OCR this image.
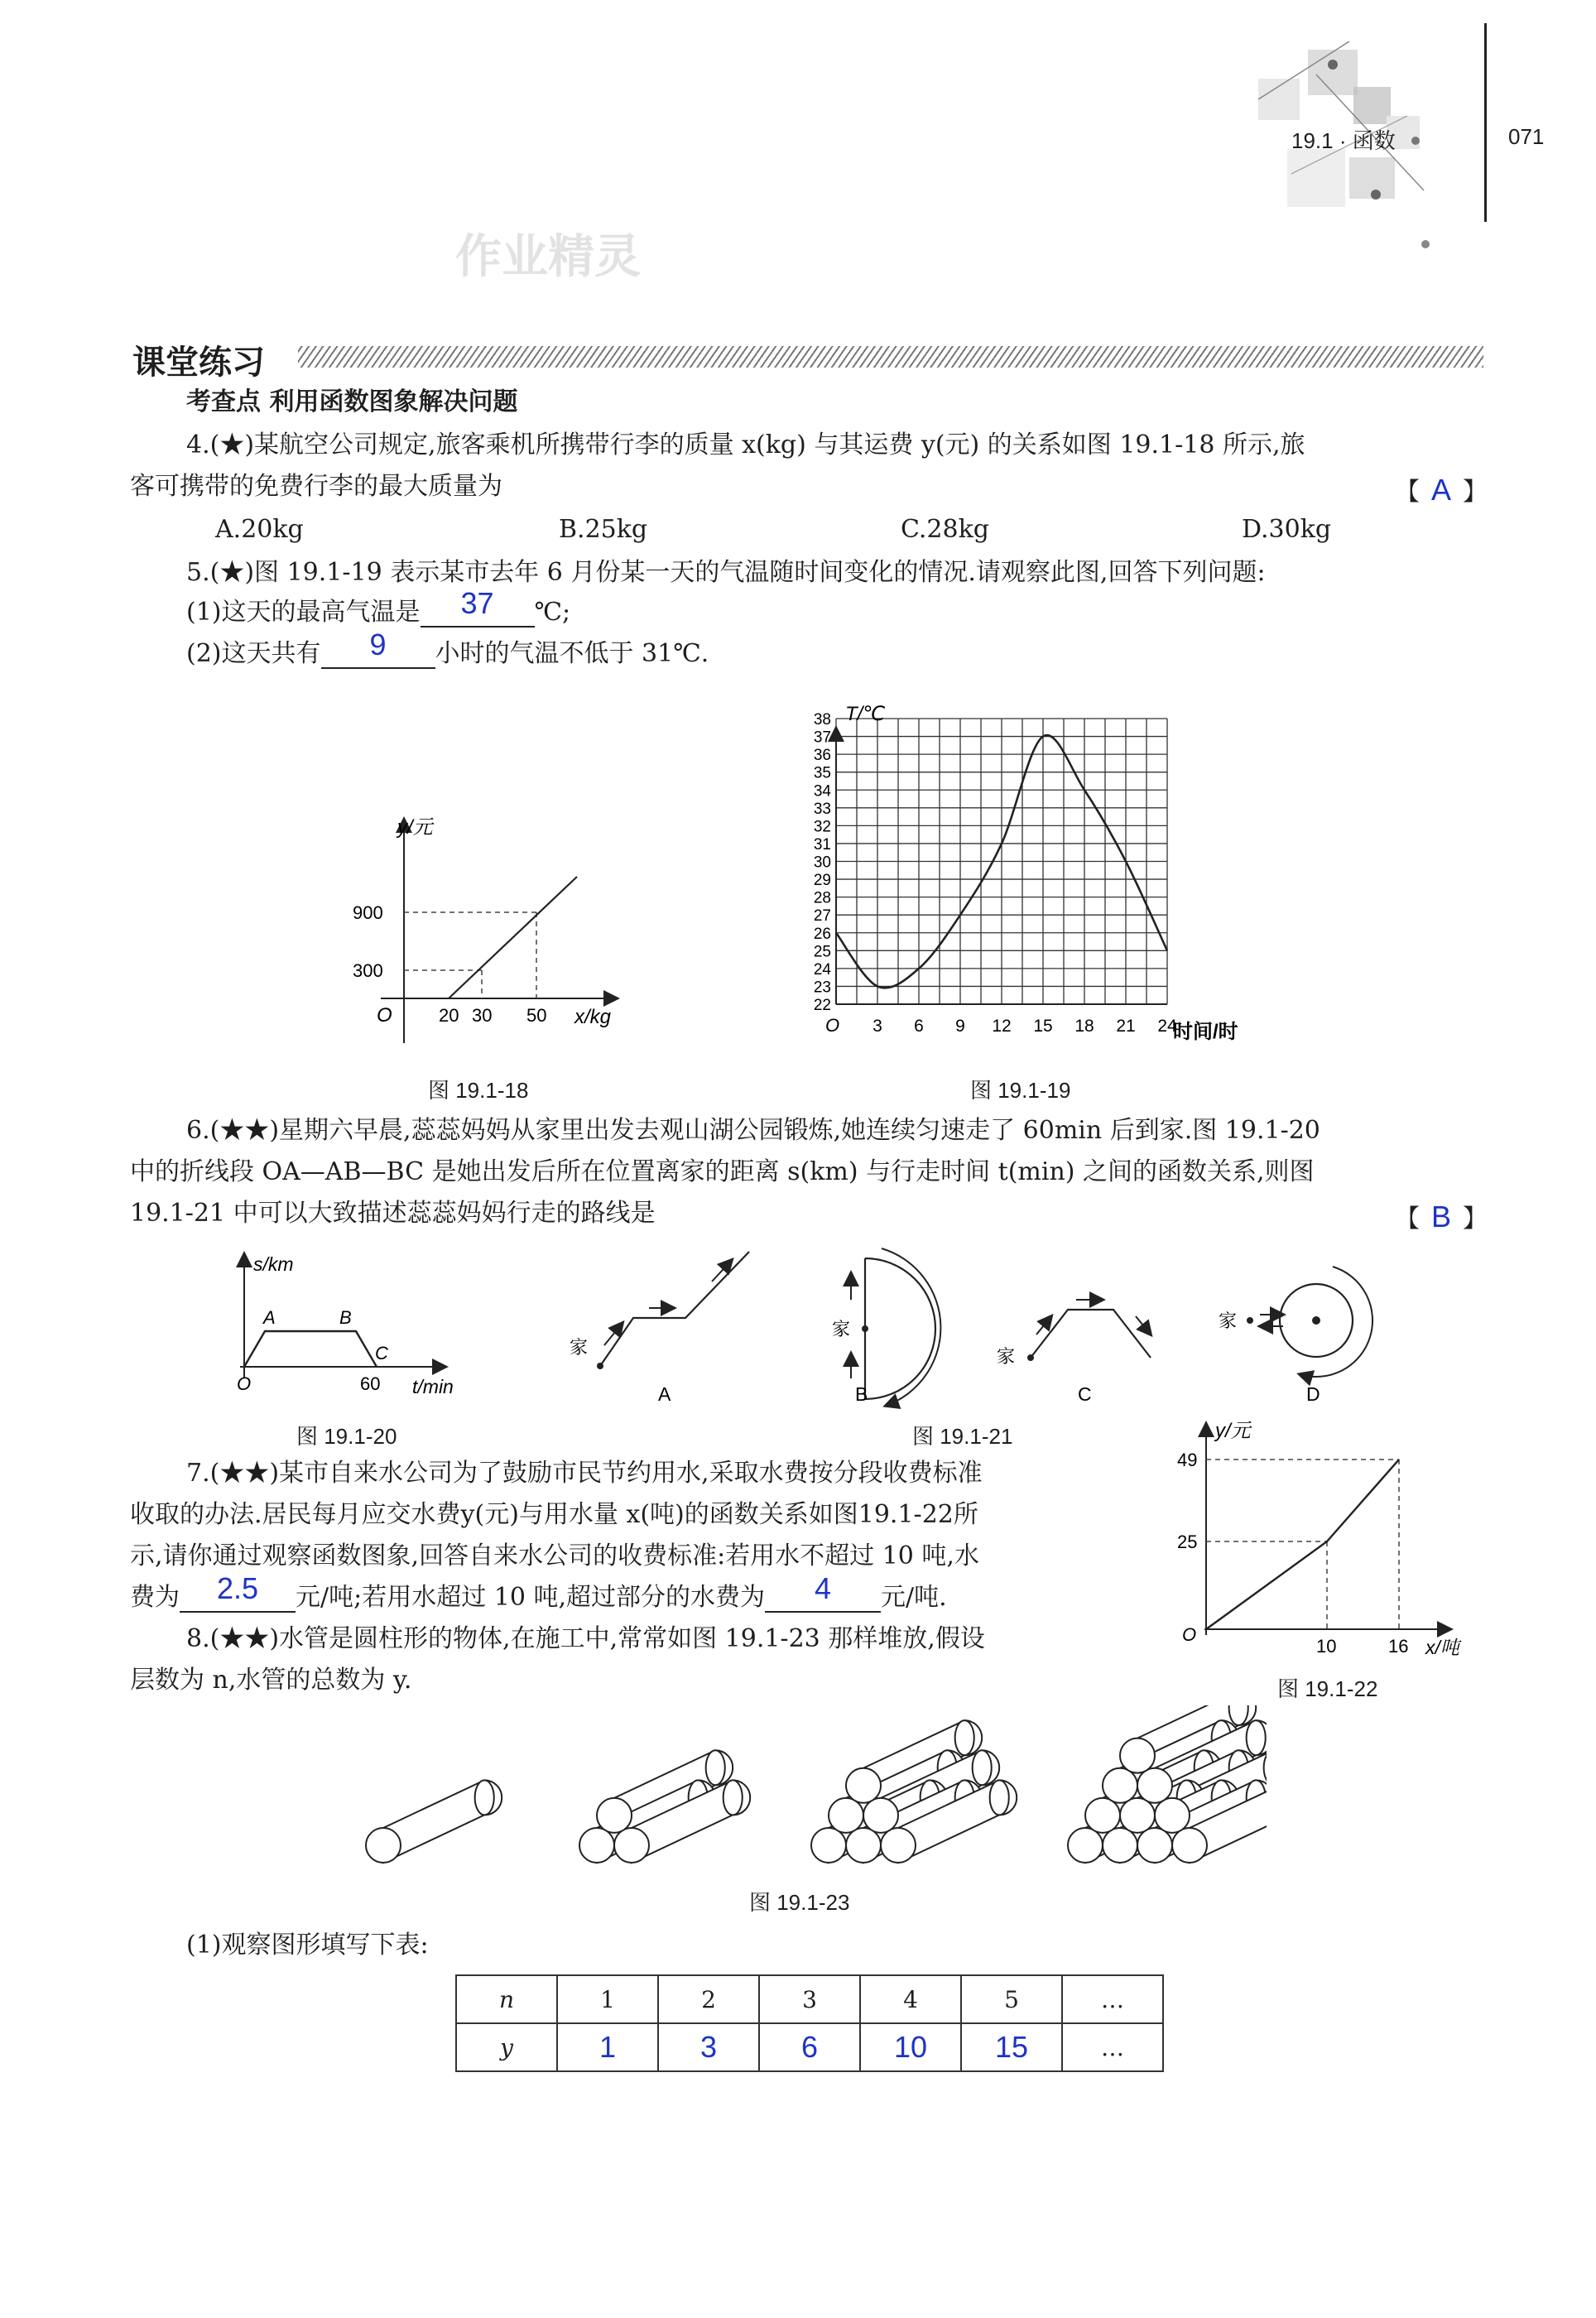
19.1 · 函数	071
作业精灵
课堂练习
考查点 利用函数图象解决问题
4.(★)某航空公司规定,旅客乘机所携带行李的质量 x(kg) 与其运费 y(元) 的关系如图 19.1-18 所示,旅
客可携带的免费行李的最大质量为	【 A 】
A.20kg	B.25kg	C.28kg	D.30kg
5.(★)图 19.1-19 表示某市去年 6 月份某一天的气温随时间变化的情况.请观察此图,回答下列问题:
(1)这天的最高气温是	37	℃;
(2)这天共有	9	小时的气温不低于 31℃.
y/元
x/kg
O
900
300
20 30 50
图 19.1-18
T/℃
时间/时
O
38
37
36
35
34
33
32
31
30
29
28
27
26
25
24
23
22
3 6 9 12 15 18 21 24
图 19.1-19
6.(★★)星期六早晨,蕊蕊妈妈从家里出发去观山湖公园锻炼,她连续匀速走了 60min 后到家.图 19.1-20
中的折线段 OA—AB—BC 是她出发后所在位置离家的距离 s(km) 与行走时间 t(min) 之间的函数关系,则图
19.1-21 中可以大致描述蕊蕊妈妈行走的路线是	【 B 】
s/km
t/min
O
A	B
C
60
图 19.1-20
家
A
家
B
家
C
家
D
图 19.1-21
7.(★★)某市自来水公司为了鼓励市民节约用水,采取水费按分段收费标准
收取的办法.居民每月应交水费y(元)与用水量 x(吨)的函数关系如图19.1-22所
示,请你通过观察函数图象,回答自来水公司的收费标准:若用水不超过 10 吨,水
费为	2.5	元/吨;若用水超过 10 吨,超过部分的水费为	4	元/吨.
y/元
x/吨
O
49
25
10	16
图 19.1-22
8.(★★)水管是圆柱形的物体,在施工中,常常如图 19.1-23 那样堆放,假设
层数为 n,水管的总数为 y.
图 19.1-23
(1)观察图形填写下表:
n	1	2	3	4	5	…
y	1	3	6	10	15	…
